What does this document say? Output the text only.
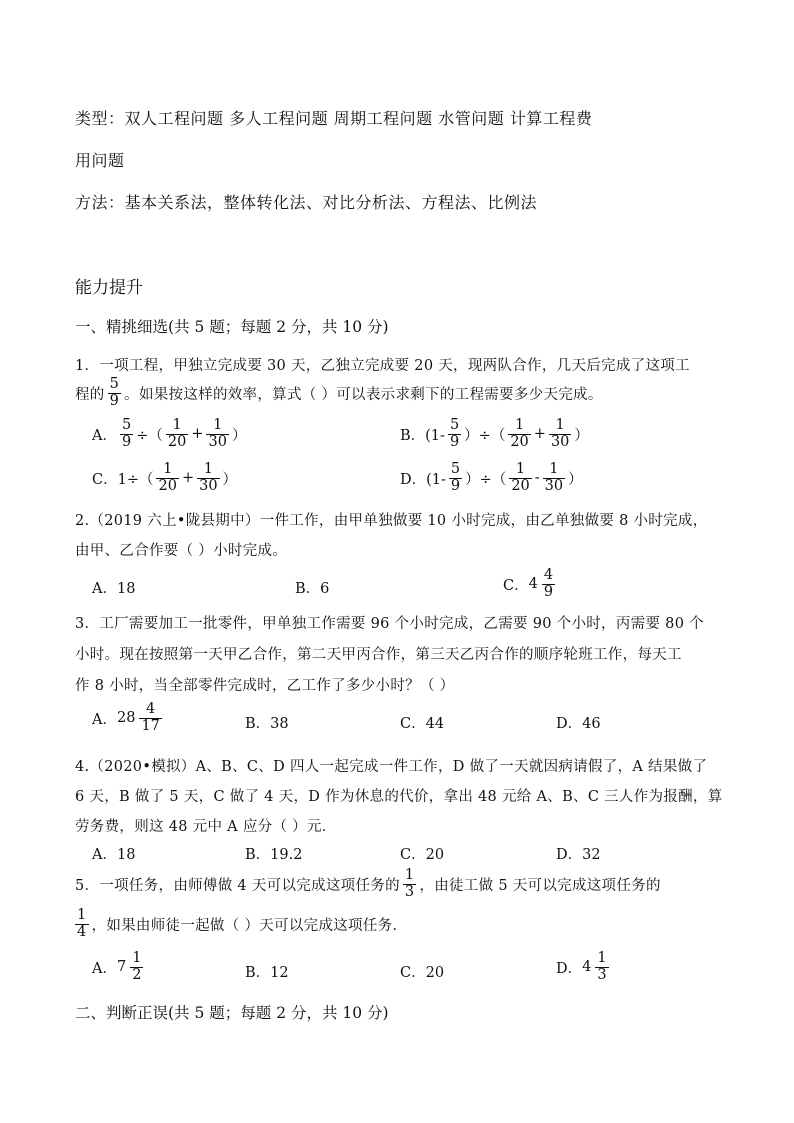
类型：双人工程问题 多人工程问题 周期工程问题 水管问题 计算工程费
用问题
方法：基本关系法，整体转化法、对比分析法、方程法、比例法
能力提升
一、精挑细选(共 5 题；每题 2 分，共 10 分)
1．一项工程，甲独立完成要 30 天，乙独立完成要 20 天，现两队合作，几天后完成了这项工
程的 $\frac{5}{9}$ 。如果按这样的效率，算式（ ）可以表示求剩下的工程需要多少天完成。
A． $\frac{5}{9}$ ÷（ $\frac{1}{20} + \frac{1}{30}$ ）	B．($1- \frac{5}{9}$ ）÷（ $\frac{1}{20} + \frac{1}{30}$ ）
C．$1\div( \frac{1}{20} + \frac{1}{30}$ ）	D．($1- \frac{5}{9}$ ）÷（ $\frac{1}{20} - \frac{1}{30}$ ）
2.（2019 六上•陇县期中）一件工作，由甲单独做要 10 小时完成，由乙单独做要 8 小时完成，
由甲、乙合作要（ ）小时完成。
A．18	B．6	C． $4 \frac{4}{9}$
3．工厂需要加工一批零件，甲单独工作需要 96 个小时完成，乙需要 90 个小时，丙需要 80 个
小时。现在按照第一天甲乙合作，第二天甲丙合作，第三天乙丙合作的顺序轮班工作，每天工
作 8 小时，当全部零件完成时，乙工作了多少小时？（ ）
A． $28 \frac{4}{17}$	B．38	C．44	D．46
4.（2020•模拟）A、B、C、D 四人一起完成一件工作，D 做了一天就因病请假了，A 结果做了
6 天，B 做了 5 天，C 做了 4 天，D 作为休息的代价，拿出 48 元给 A、B、C 三人作为报酬，算
劳务费，则这 48 元中 A 应分（ ）元．
A．18	B．19.2	C．20	D．32
5．一项任务，由师傅做 4 天可以完成这项任务的 $\frac{1}{3}$ ，由徒工做 5 天可以完成这项任务的
$\frac{1}{4}$ ，如果由师徒一起做（ ）天可以完成这项任务．
A． $7 \frac{1}{2}$	B．12	C．20	D． $4 \frac{1}{3}$
二、判断正误(共 5 题；每题 2 分，共 10 分)
